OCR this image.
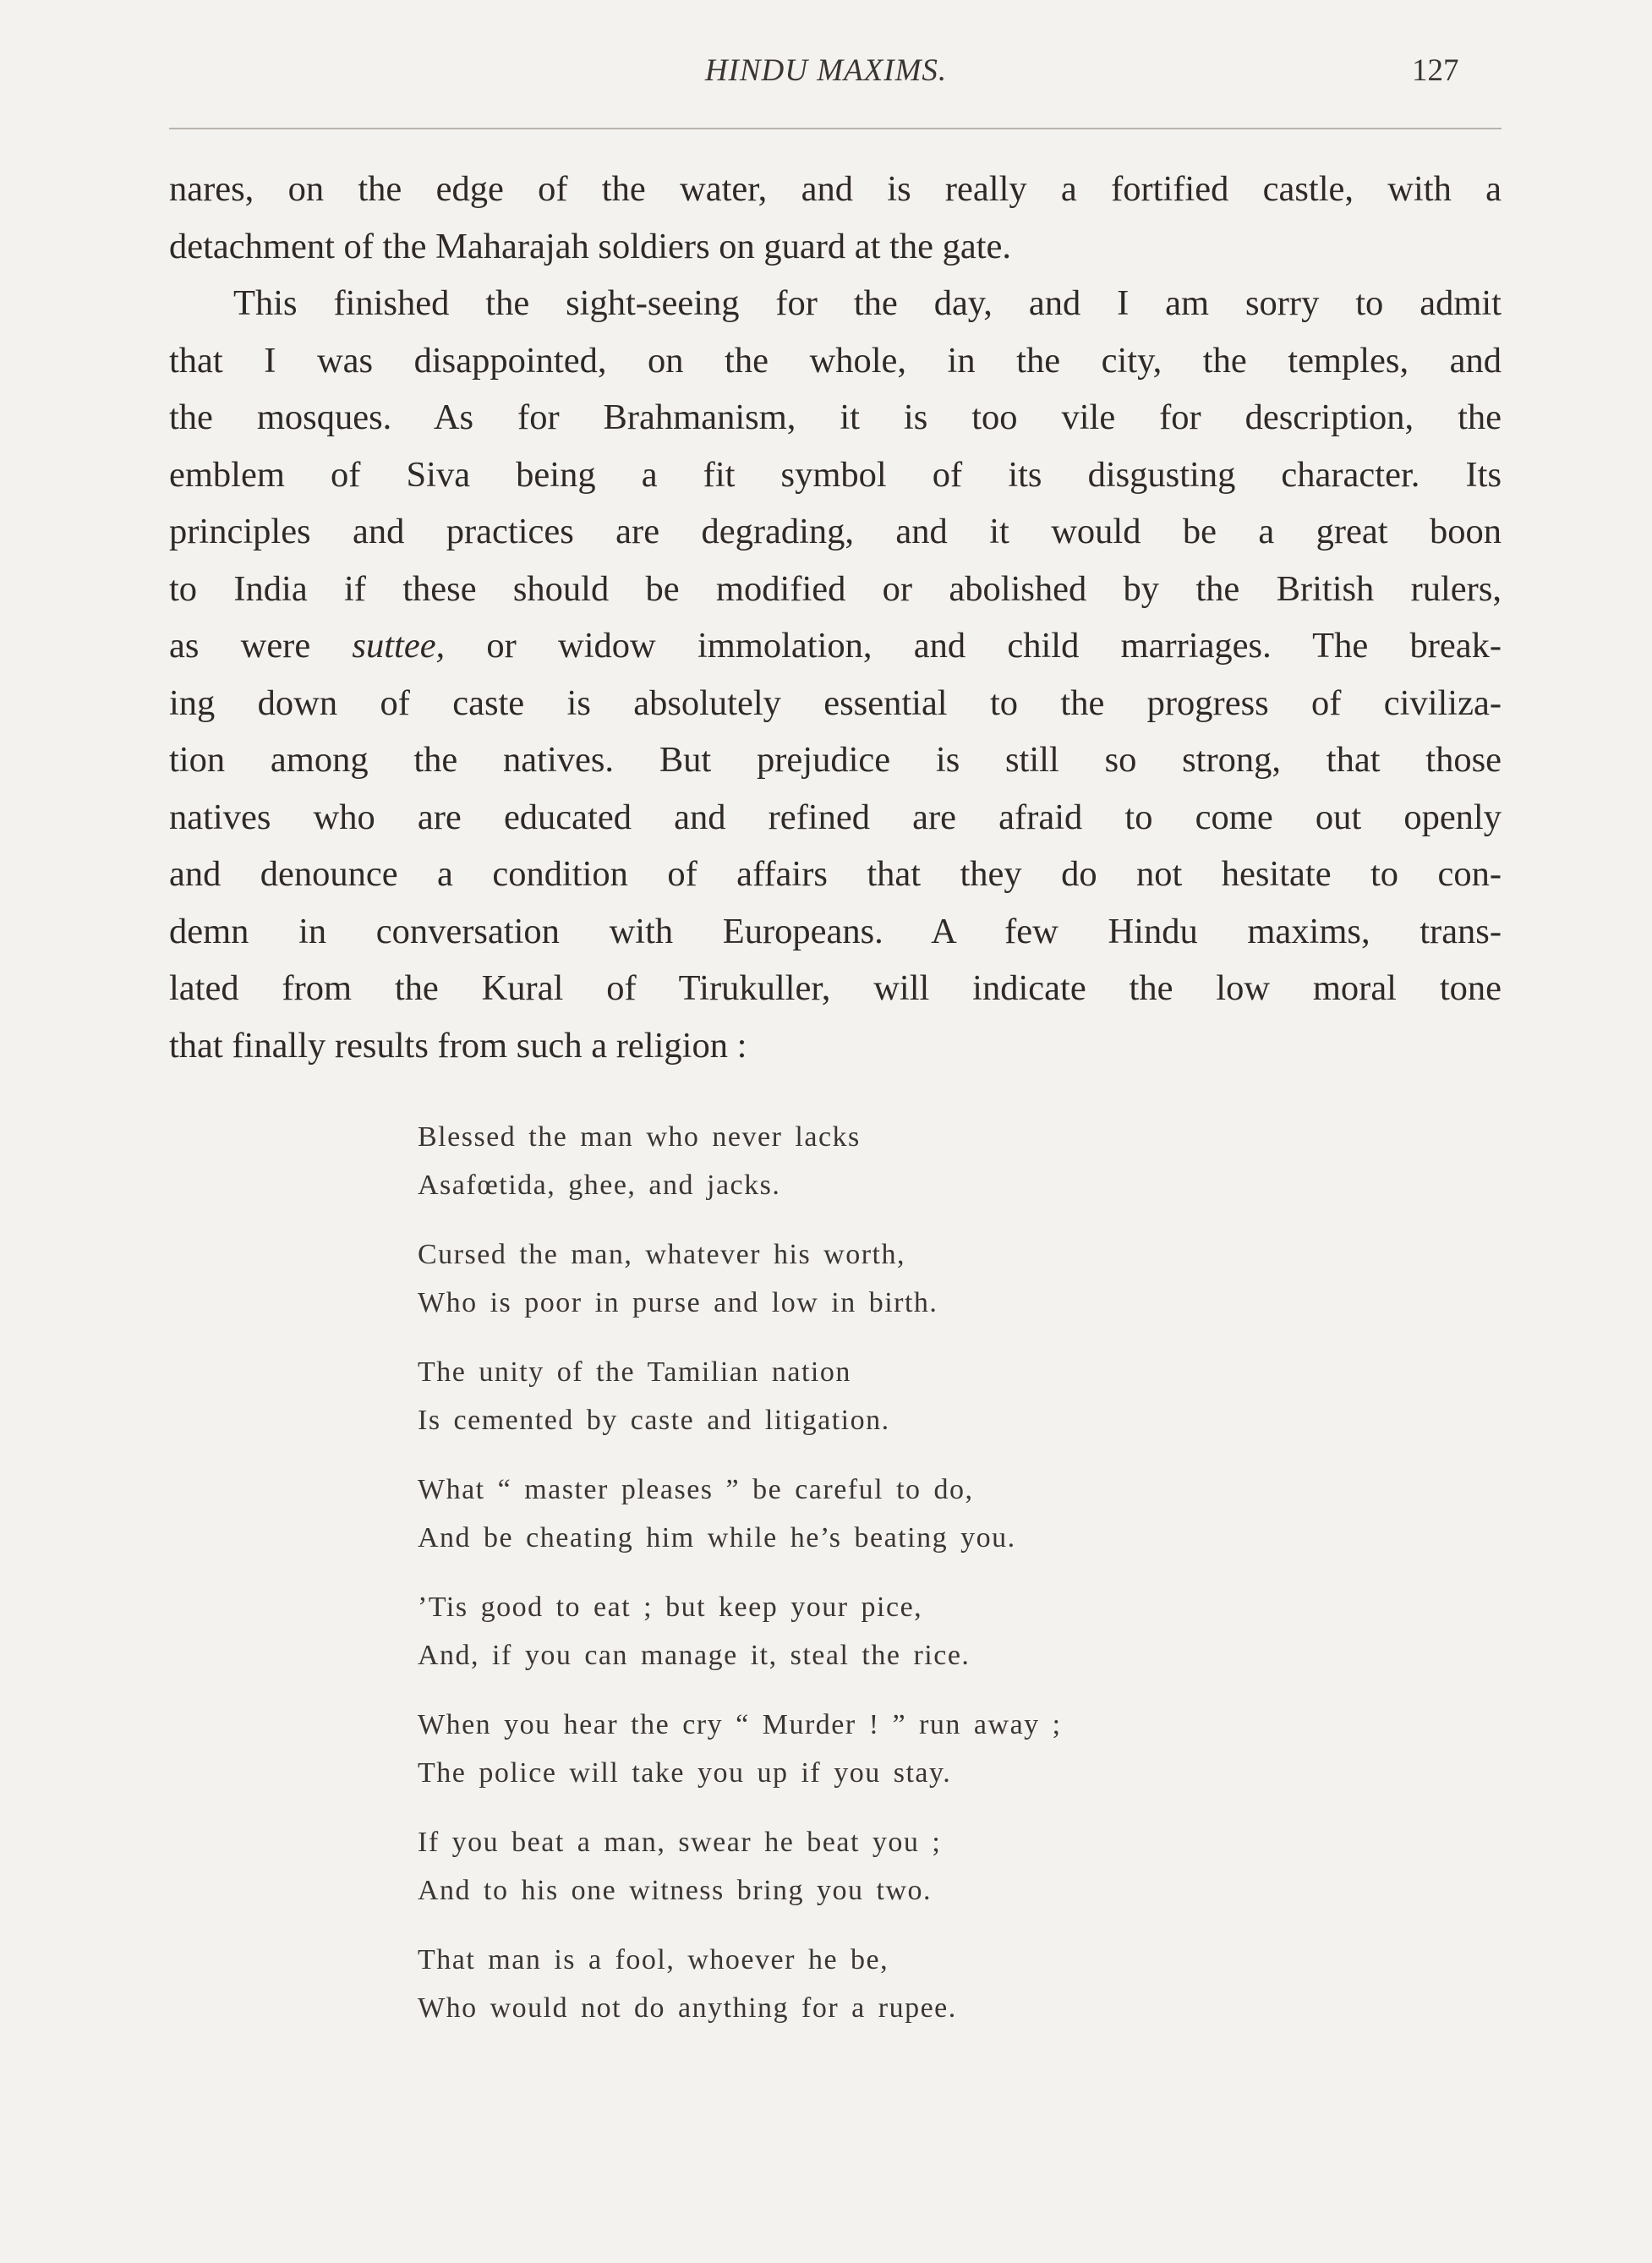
HINDU MAXIMS.	127
nares, on the edge of the water, and is really a fortified castle, with a
detachment of the Maharajah soldiers on guard at the gate.
This finished the sight-seeing for the day, and I am sorry to admit
that I was disappointed, on the whole, in the city, the temples, and
the mosques. As for Brahmanism, it is too vile for description, the
emblem of Siva being a fit symbol of its disgusting character. Its
principles and practices are degrading, and it would be a great boon
to India if these should be modified or abolished by the British rulers,
as were suttee, or widow immolation, and child marriages. The break-
ing down of caste is absolutely essential to the progress of civiliza-
tion among the natives. But prejudice is still so strong, that those
natives who are educated and refined are afraid to come out openly
and denounce a condition of affairs that they do not hesitate to con-
demn in conversation with Europeans. A few Hindu maxims, trans-
lated from the Kural of Tirukuller, will indicate the low moral tone
that finally results from such a religion :
Blessed the man who never lacks
Asafœtida, ghee, and jacks.
Cursed the man, whatever his worth,
Who is poor in purse and low in birth.
The unity of the Tamilian nation
Is cemented by caste and litigation.
What “ master pleases ” be careful to do,
And be cheating him while he’s beating you.
’Tis good to eat ; but keep your pice,
And, if you can manage it, steal the rice.
When you hear the cry “ Murder ! ” run away ;
The police will take you up if you stay.
If you beat a man, swear he beat you ;
And to his one witness bring you two.
That man is a fool, whoever he be,
Who would not do anything for a rupee.
